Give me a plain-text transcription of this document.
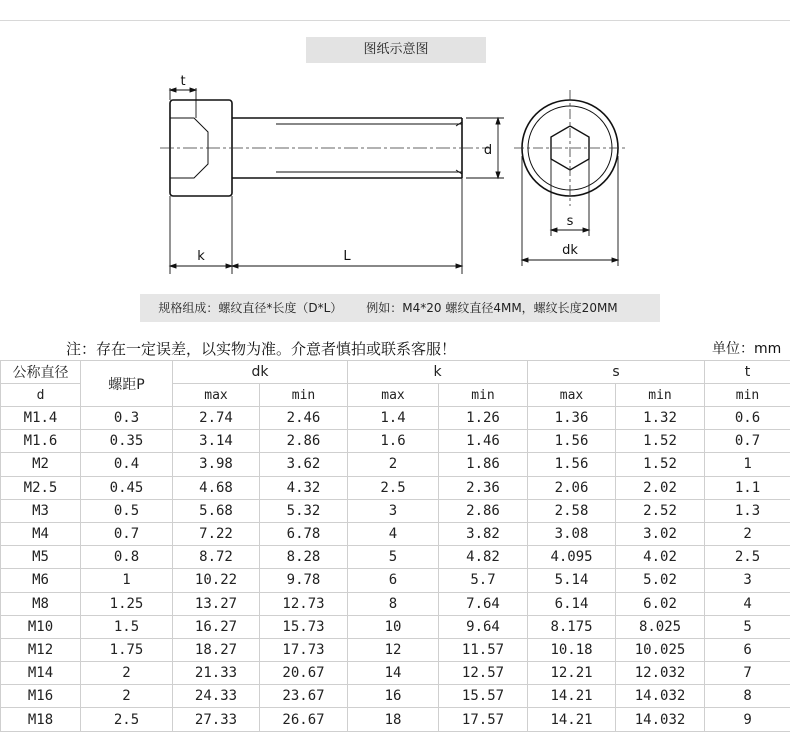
图纸示意图
t
d
k	L
s
dk
规格组成：螺纹直径*长度（D*L） 例如：M4*20 螺纹直径4MM，螺纹长度20MM
注：存在一定误差，以实物为准。介意者慎拍或联系客服！	单位：mm
公称直径	螺距P	dk		k		s		t
d		max	min	max	min	max	min	min
M1.4	0.3	2.74	2.46	1.4	1.26	1.36	1.32	0.6
M1.6	0.35	3.14	2.86	1.6	1.46	1.56	1.52	0.7
M2	0.4	3.98	3.62	2	1.86	1.56	1.52	1
M2.5	0.45	4.68	4.32	2.5	2.36	2.06	2.02	1.1
M3	0.5	5.68	5.32	3	2.86	2.58	2.52	1.3
M4	0.7	7.22	6.78	4	3.82	3.08	3.02	2
M5	0.8	8.72	8.28	5	4.82	4.095	4.02	2.5
M6	1	10.22	9.78	6	5.7	5.14	5.02	3
M8	1.25	13.27	12.73	8	7.64	6.14	6.02	4
M10	1.5	16.27	15.73	10	9.64	8.175	8.025	5
M12	1.75	18.27	17.73	12	11.57	10.18	10.025	6
M14	2	21.33	20.67	14	12.57	12.21	12.032	7
M16	2	24.33	23.67	16	15.57	14.21	14.032	8
M18	2.5	27.33	26.67	18	17.57	14.21	14.032	9
